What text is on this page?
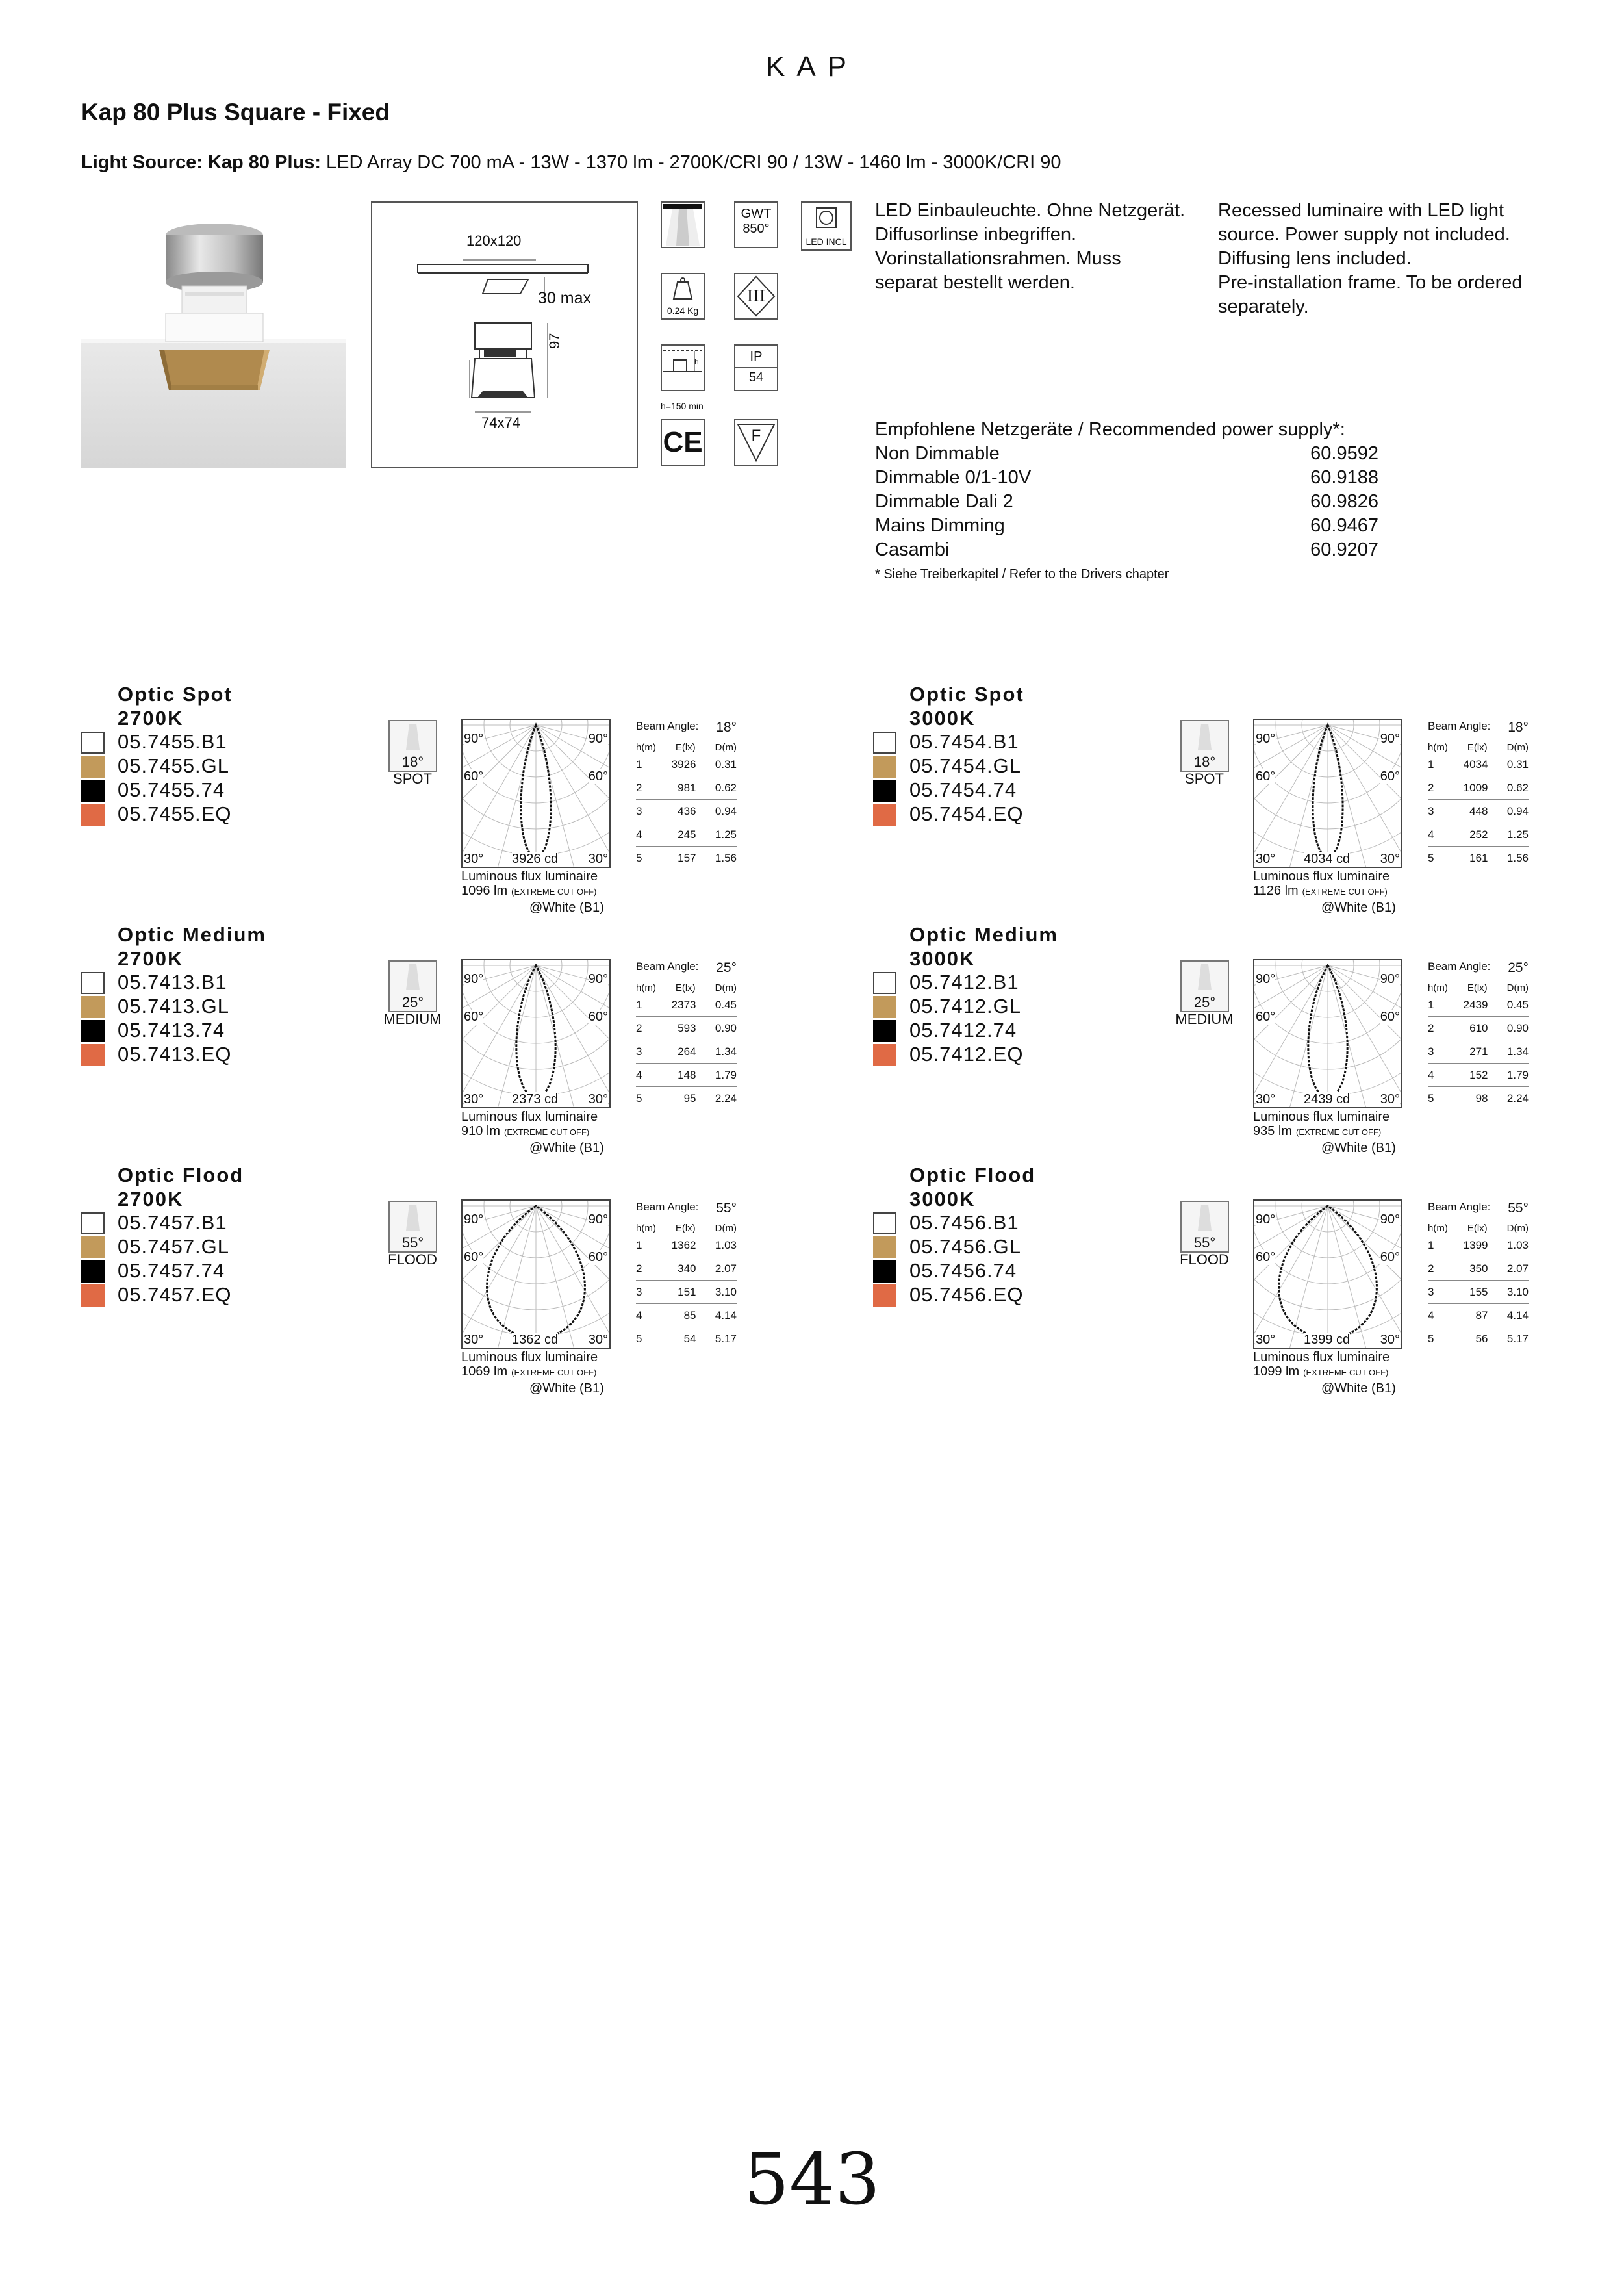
KAP
Kap 80 Plus Square - Fixed
Light Source: Kap 80 Plus: LED Array DC 700 mA - 13W - 1370 lm - 2700K/CRI 90 / 13W - 1460 lm - 3000K/CRI 90
120x120
30 max
97
74x74
0.24 Kg
h
h=150 min
CE
GWT
850°
III
IP
54
F
LED INCL
LED Einbauleuchte. Ohne Netzgerät.
Diffusorlinse inbegriffen.
Vorinstallationsrahmen. Muss
separat bestellt werden.
Recessed luminaire with LED light
source. Power supply not included.
Diffusing lens included.
Pre-installation frame. To be ordered
separately.
Empfohlene Netzgeräte / Recommended power supply*:
Non Dimmable	60.9592
Dimmable 0/1-10V	60.9188
Dimmable Dali 2	60.9826
Mains Dimming	60.9467
Casambi	60.9207
* Siehe Treiberkapitel / Refer to the Drivers chapter
Optic Spot
2700K
05.7455.B1
05.7455.GL
05.7455.74
05.7455.EQ
18°
SPOT
90°	90°
60°	60°
30°	30°
3926 cd
Luminous flux luminaire
1096 lm (EXTREME CUT OFF)
@White (B1)
Beam Angle: 18°
h(m) E(lx) D(m)
1	3926	0.31
2	981	0.62
3	436	0.94
4	245	1.25
5	157	1.56
Optic Spot
3000K
05.7454.B1
05.7454.GL
05.7454.74
05.7454.EQ
18°
SPOT
90°	90°
60°	60°
30°	30°
4034 cd
Luminous flux luminaire
1126 lm (EXTREME CUT OFF)
@White (B1)
Beam Angle: 18°
h(m) E(lx) D(m)
1	4034	0.31
2	1009	0.62
3	448	0.94
4	252	1.25
5	161	1.56
Optic Medium
2700K
05.7413.B1
05.7413.GL
05.7413.74
05.7413.EQ
25°
MEDIUM
90°	90°
60°	60°
30°	30°
2373 cd
Luminous flux luminaire
910 lm (EXTREME CUT OFF)
@White (B1)
Beam Angle: 25°
h(m) E(lx) D(m)
1	2373	0.45
2	593	0.90
3	264	1.34
4	148	1.79
5	95	2.24
Optic Medium
3000K
05.7412.B1
05.7412.GL
05.7412.74
05.7412.EQ
25°
MEDIUM
90°	90°
60°	60°
30°	30°
2439 cd
Luminous flux luminaire
935 lm (EXTREME CUT OFF)
@White (B1)
Beam Angle: 25°
h(m) E(lx) D(m)
1	2439	0.45
2	610	0.90
3	271	1.34
4	152	1.79
5	98	2.24
Optic Flood
2700K
05.7457.B1
05.7457.GL
05.7457.74
05.7457.EQ
55°
FLOOD
90°	90°
60°	60°
30°	30°
1362 cd
Luminous flux luminaire
1069 lm (EXTREME CUT OFF)
@White (B1)
Beam Angle: 55°
h(m) E(lx) D(m)
1	1362	1.03
2	340	2.07
3	151	3.10
4	85	4.14
5	54	5.17
Optic Flood
3000K
05.7456.B1
05.7456.GL
05.7456.74
05.7456.EQ
55°
FLOOD
90°	90°
60°	60°
30°	30°
1399 cd
Luminous flux luminaire
1099 lm (EXTREME CUT OFF)
@White (B1)
Beam Angle: 55°
h(m) E(lx) D(m)
1	1399	1.03
2	350	2.07
3	155	3.10
4	87	4.14
5	56	5.17
543
